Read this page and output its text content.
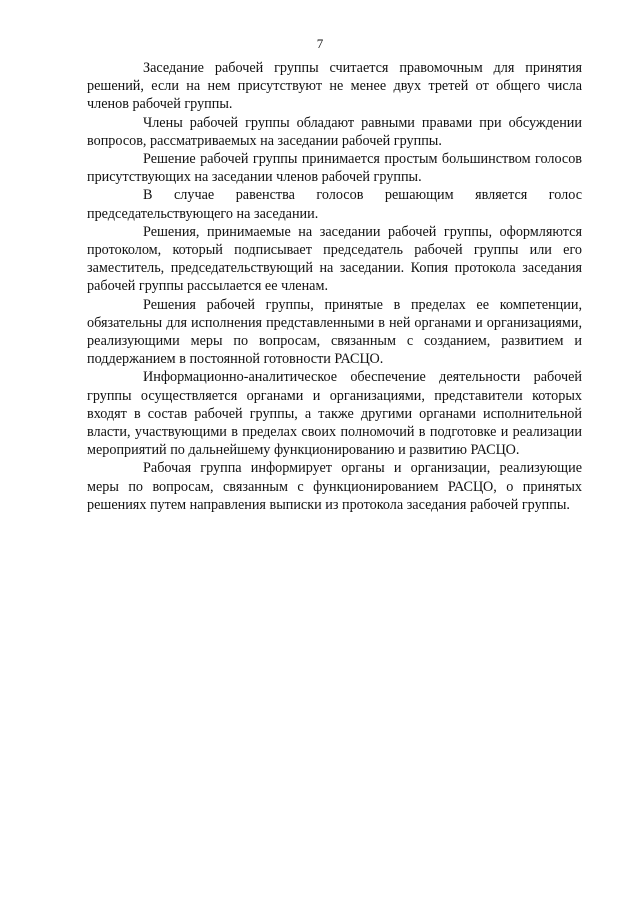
7

Заседание рабочей группы считается правомочным для принятия решений, если на нем присутствуют не менее двух третей от общего числа членов рабочей группы.

Члены рабочей группы обладают равными правами при обсуждении вопросов, рассматриваемых на заседании рабочей группы.

Решение рабочей группы принимается простым большинством голосов присутствующих на заседании членов рабочей группы.

В случае равенства голосов решающим является голос председательствующего на заседании.

Решения, принимаемые на заседании рабочей группы, оформляются протоколом, который подписывает председатель рабочей группы или его заместитель, председательствующий на заседании. Копия протокола заседания рабочей группы рассылается ее членам.

Решения рабочей группы, принятые в пределах ее компетенции, обязательны для исполнения представленными в ней органами и организациями, реализующими меры по вопросам, связанным с созданием, развитием и поддержанием в постоянной готовности РАСЦО.

Информационно-аналитическое обеспечение деятельности рабочей группы осуществляется органами и организациями, представители которых входят в состав рабочей группы, а также другими органами исполнительной власти, участвующими в пределах своих полномочий в подготовке и реализации мероприятий по дальнейшему функционированию и развитию РАСЦО.

Рабочая группа информирует органы и организации, реализующие меры по вопросам, связанным с функционированием РАСЦО, о принятых решениях путем направления выписки из протокола заседания рабочей группы.
